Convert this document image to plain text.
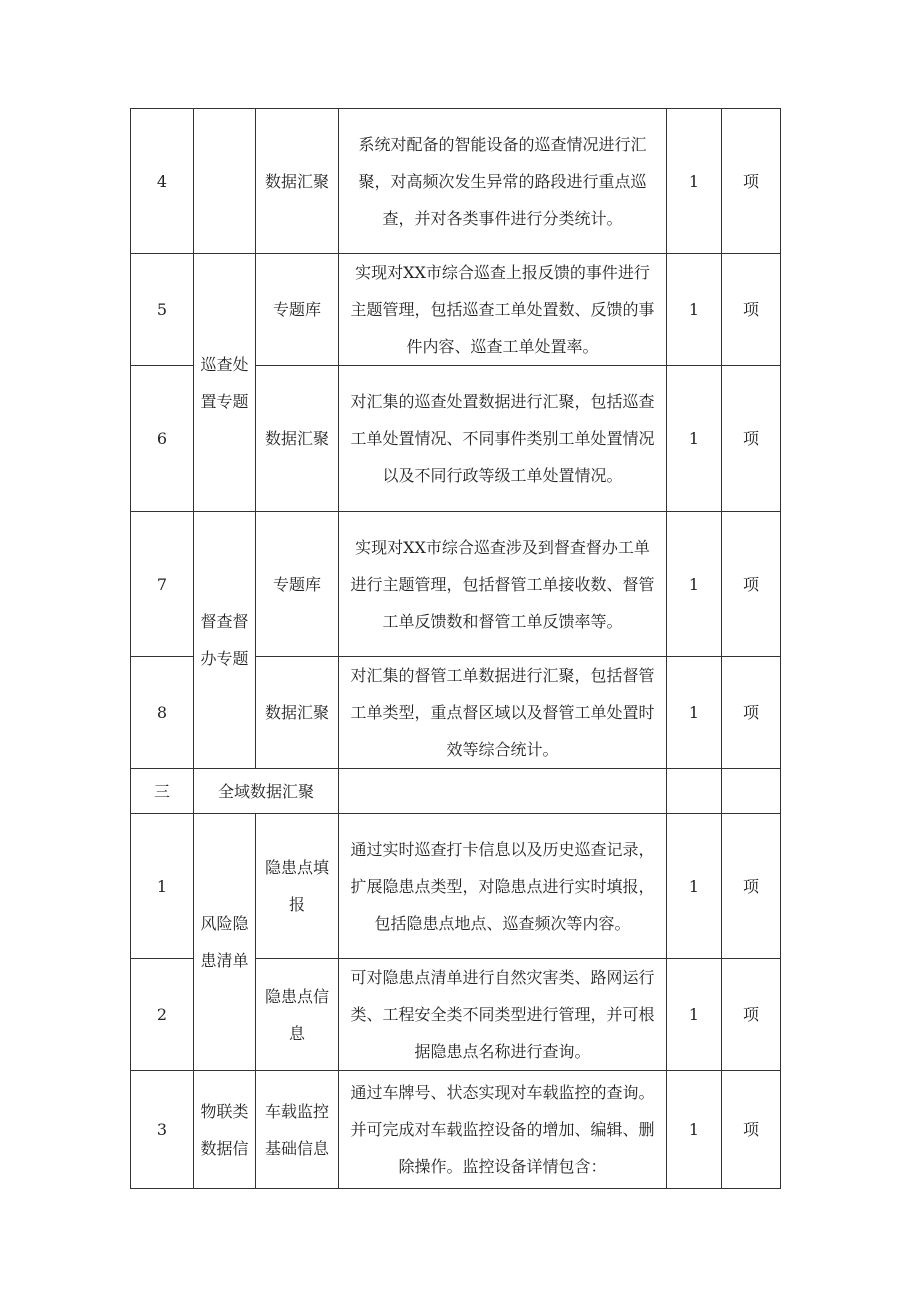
4		数据汇聚	系统对配备的智能设备的巡查情况进行汇
聚，对高频次发生异常的路段进行重点巡
查，并对各类事件进行分类统计。	1	项
5	巡查处
置专题	专题库	实现对XX市综合巡查上报反馈的事件进行
主题管理，包括巡查工单处置数、反馈的事
件内容、巡查工单处置率。	1	项
6		数据汇聚	对汇集的巡查处置数据进行汇聚，包括巡查
工单处置情况、不同事件类别工单处置情况
以及不同行政等级工单处置情况。	1	项
7	督查督
办专题	专题库	实现对XX市综合巡查涉及到督查督办工单
进行主题管理，包括督管工单接收数、督管
工单反馈数和督管工单反馈率等。	1	项
8		数据汇聚	对汇集的督管工单数据进行汇聚，包括督管
工单类型，重点督区域以及督管工单处置时
效等综合统计。	1	项
三	全域数据汇聚				
1	风险隐
患清单	隐患点填
报	通过实时巡查打卡信息以及历史巡查记录，
扩展隐患点类型，对隐患点进行实时填报，
包括隐患点地点、巡查频次等内容。	1	项
2		隐患点信
息	可对隐患点清单进行自然灾害类、路网运行
类、工程安全类不同类型进行管理，并可根
据隐患点名称进行查询。	1	项
3	物联类
数据信	车载监控
基础信息	通过车牌号、状态实现对车载监控的查询。
并可完成对车载监控设备的增加、编辑、删
除操作。监控设备详情包含：	1	项
